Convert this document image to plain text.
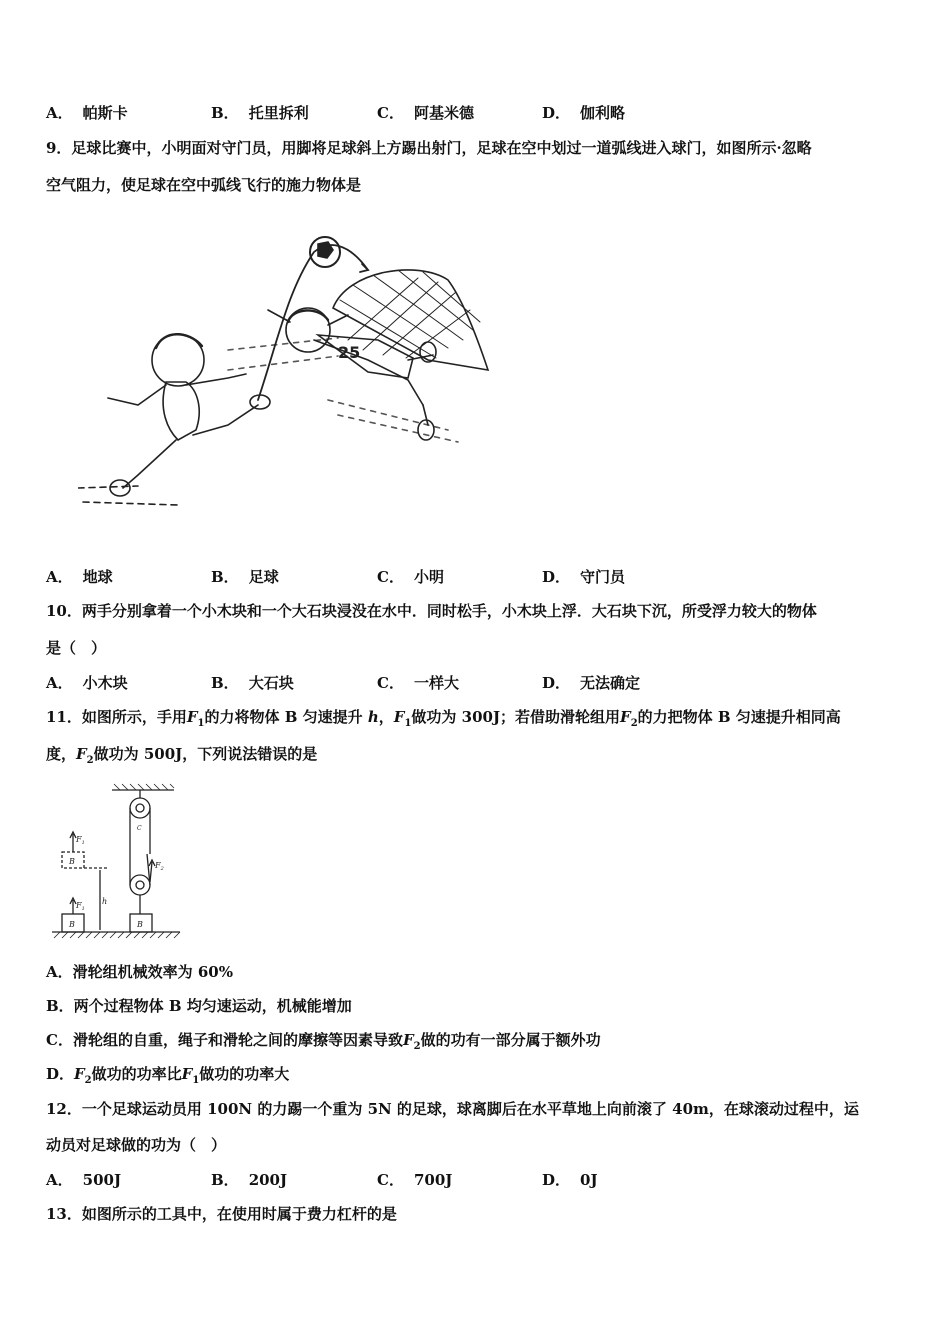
A． 帕斯卡	B． 托里拆利	C． 阿基米德	D． 伽利略
9．足球比赛中，小明面对守门员，用脚将足球斜上方踢出射门，足球在空中划过一道弧线进入球门，如图所示·忽略
空气阻力，使足球在空中弧线飞行的施力物体是
25
A． 地球	B． 足球	C． 小明	D． 守门员
10．两手分别拿着一个小木块和一个大石块浸没在水中．同时松手，小木块上浮．大石块下沉，所受浮力较大的物体
是（　）
A． 小木块	B． 大石块	C． 一样大	D． 无法确定
11．如图所示，手用$F_1$的力将物体 B 匀速提升 h，$F_1$做功为 300J；若借助滑轮组用$F_2$的力把物体 B 匀速提升相同高
度，$F_2$做功为 500J，下列说法错误的是
$F_1$
$F_1$
$F_2$
B
B	B
h
C
A．滑轮组机械效率为 60%
B．两个过程物体 B 均匀速运动，机械能增加
C．滑轮组的自重，绳子和滑轮之间的摩擦等因素导致$F_2$做的功有一部分属于额外功
D．$F_2$做功的功率比$F_1$做功的功率大
12．一个足球运动员用 100N 的力踢一个重为 5N 的足球，球离脚后在水平草地上向前滚了 40m，在球滚动过程中，运
动员对足球做的功为（　）
A． 500J	B． 200J	C． 700J	D． 0J
13．如图所示的工具中，在使用时属于费力杠杆的是
